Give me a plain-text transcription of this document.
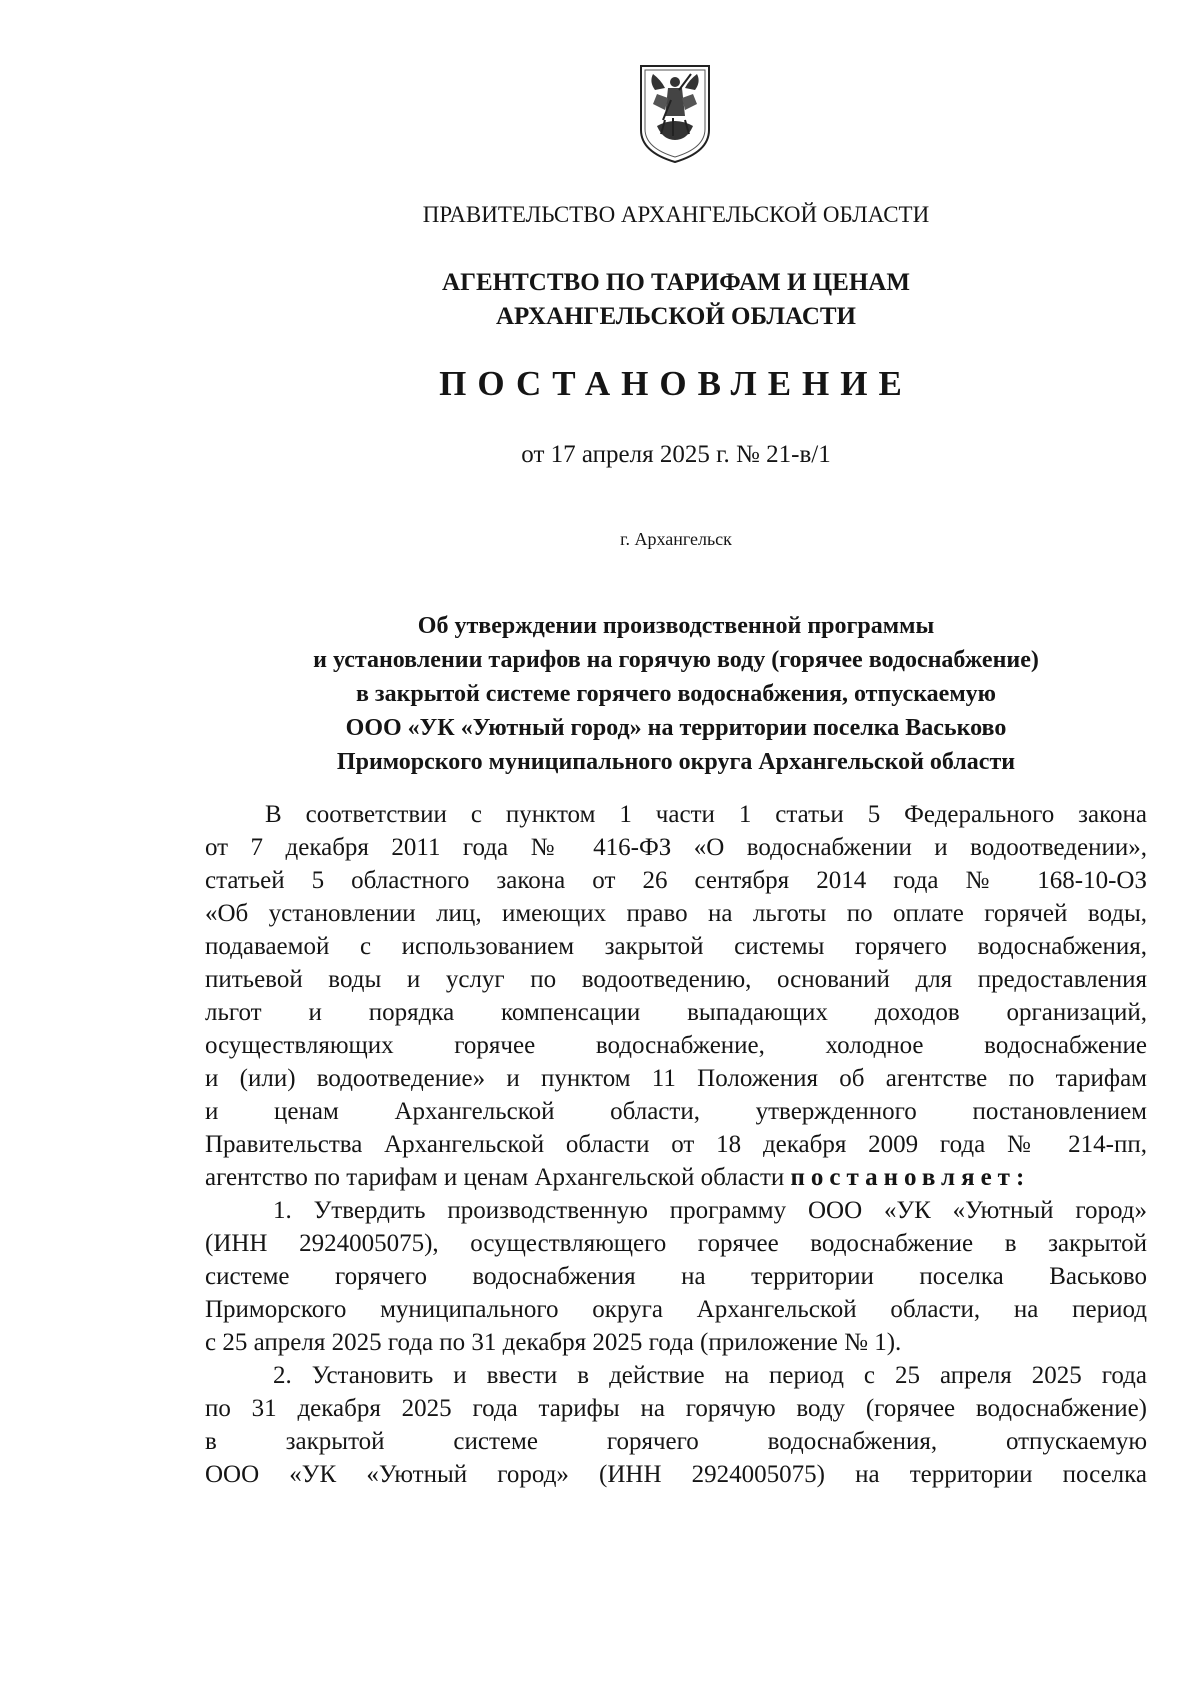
ПРАВИТЕЛЬСТВО АРХАНГЕЛЬСКОЙ ОБЛАСТИ
АГЕНТСТВО ПО ТАРИФАМ И ЦЕНАМ
АРХАНГЕЛЬСКОЙ ОБЛАСТИ
ПОСТАНОВЛЕНИЕ
от 17 апреля 2025 г. № 21-в/1
г. Архангельск
Об утверждении производственной программы
и установлении тарифов на горячую воду (горячее водоснабжение)
в закрытой системе горячего водоснабжения, отпускаемую
ООО «УК «Уютный город» на территории поселка Васьково
Приморского муниципального округа Архангельской области
В соответствии с пунктом 1 части 1 статьи 5 Федерального закона
от 7 декабря 2011 года № 416-ФЗ «О водоснабжении и водоотведении»,
статьей 5 областного закона от 26 сентября 2014 года № 168-10-ОЗ
«Об установлении лиц, имеющих право на льготы по оплате горячей воды,
подаваемой с использованием закрытой системы горячего водоснабжения,
питьевой воды и услуг по водоотведению, оснований для предоставления
льгот и порядка компенсации выпадающих доходов организаций,
осуществляющих горячее водоснабжение, холодное водоснабжение
и (или) водоотведение» и пунктом 11 Положения об агентстве по тарифам
и ценам Архангельской области, утвержденного постановлением
Правительства Архангельской области от 18 декабря 2009 года № 214-пп,
агентство по тарифам и ценам Архангельской области постановляет:
1. Утвердить производственную программу ООО «УК «Уютный город»
(ИНН 2924005075), осуществляющего горячее водоснабжение в закрытой
системе горячего водоснабжения на территории поселка Васьково
Приморского муниципального округа Архангельской области, на период
с 25 апреля 2025 года по 31 декабря 2025 года (приложение № 1).
2. Установить и ввести в действие на период с 25 апреля 2025 года
по 31 декабря 2025 года тарифы на горячую воду (горячее водоснабжение)
в закрытой системе горячего водоснабжения, отпускаемую
ООО «УК «Уютный город» (ИНН 2924005075) на территории поселка
